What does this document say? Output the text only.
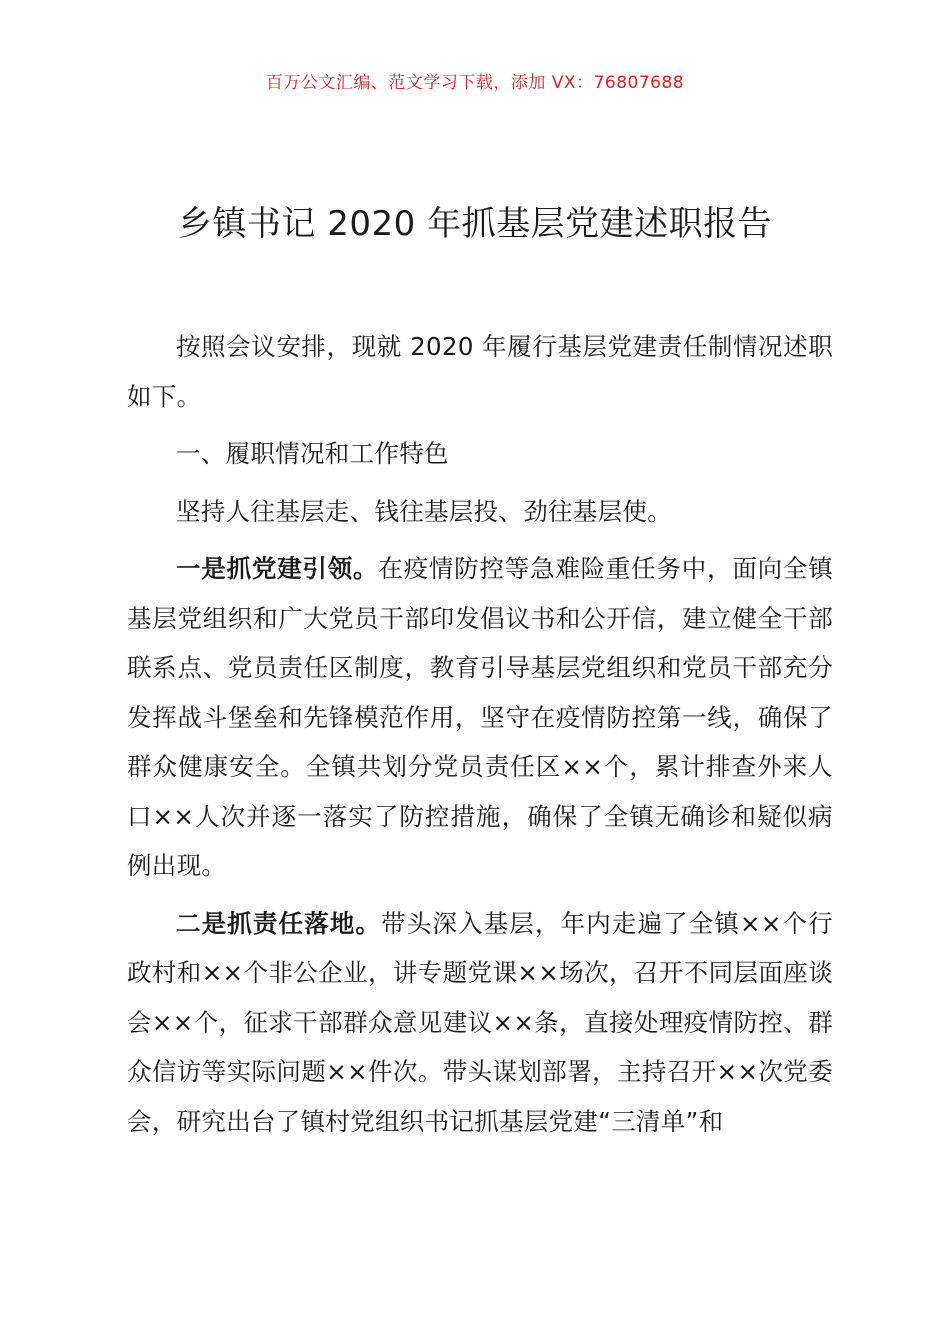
百万公文汇编、范文学习下载，添加 VX：76807688
乡镇书记 2020 年抓基层党建述职报告

按照会议安排，现就 2020 年履行基层党建责任制情况述职如下。

一、履职情况和工作特色

坚持人往基层走、钱往基层投、劲往基层使。

一是抓党建引领。在疫情防控等急难险重任务中，面向全镇基层党组织和广大党员干部印发倡议书和公开信，建立健全干部联系点、党员责任区制度，教育引导基层党组织和党员干部充分发挥战斗堡垒和先锋模范作用，坚守在疫情防控第一线，确保了群众健康安全。全镇共划分党员责任区××个，累计排查外来人口××人次并逐一落实了防控措施，确保了全镇无确诊和疑似病例出现。

二是抓责任落地。带头深入基层，年内走遍了全镇××个行政村和××个非公企业，讲专题党课××场次，召开不同层面座谈会××个，征求干部群众意见建议××条，直接处理疫情防控、群众信访等实际问题××件次。带头谋划部署，主持召开××次党委会，研究出台了镇村党组织书记抓基层党建“三清单”和
